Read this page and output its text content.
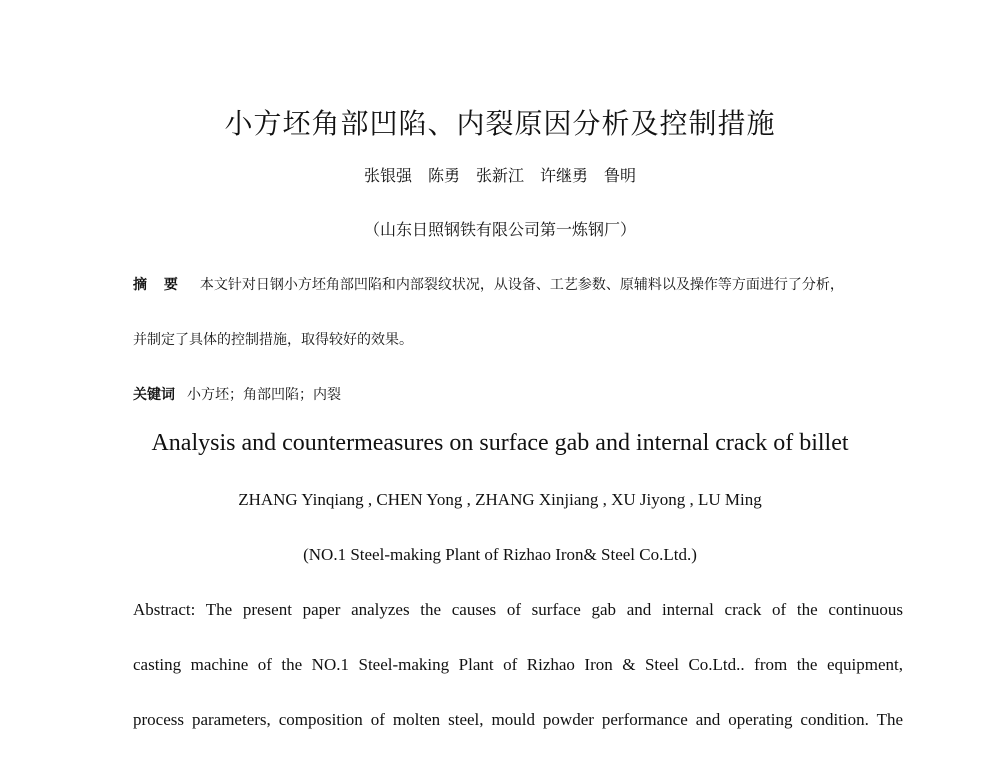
小方坯角部凹陷、内裂原因分析及控制措施
张银强　陈勇　张新江　许继勇　鲁明
（山东日照钢铁有限公司第一炼钢厂）
摘 要 本文针对日钢小方坯角部凹陷和内部裂纹状况，从设备、工艺参数、原辅料以及操作等方面进行了分析，
并制定了具体的控制措施，取得较好的效果。
关键词 小方坯；角部凹陷；内裂
Analysis and countermeasures on surface gab and internal crack of billet
ZHANG Yinqiang , CHEN Yong , ZHANG Xinjiang , XU Jiyong , LU Ming
(NO.1 Steel-making Plant of Rizhao Iron& Steel Co.Ltd.)
Abstract: The present paper analyzes the causes of surface gab and internal crack of the continuous
casting machine of the NO.1 Steel-making Plant of Rizhao Iron & Steel Co.Ltd.. from the equipment,
process parameters, composition of molten steel, mould powder performance and operating condition. The
